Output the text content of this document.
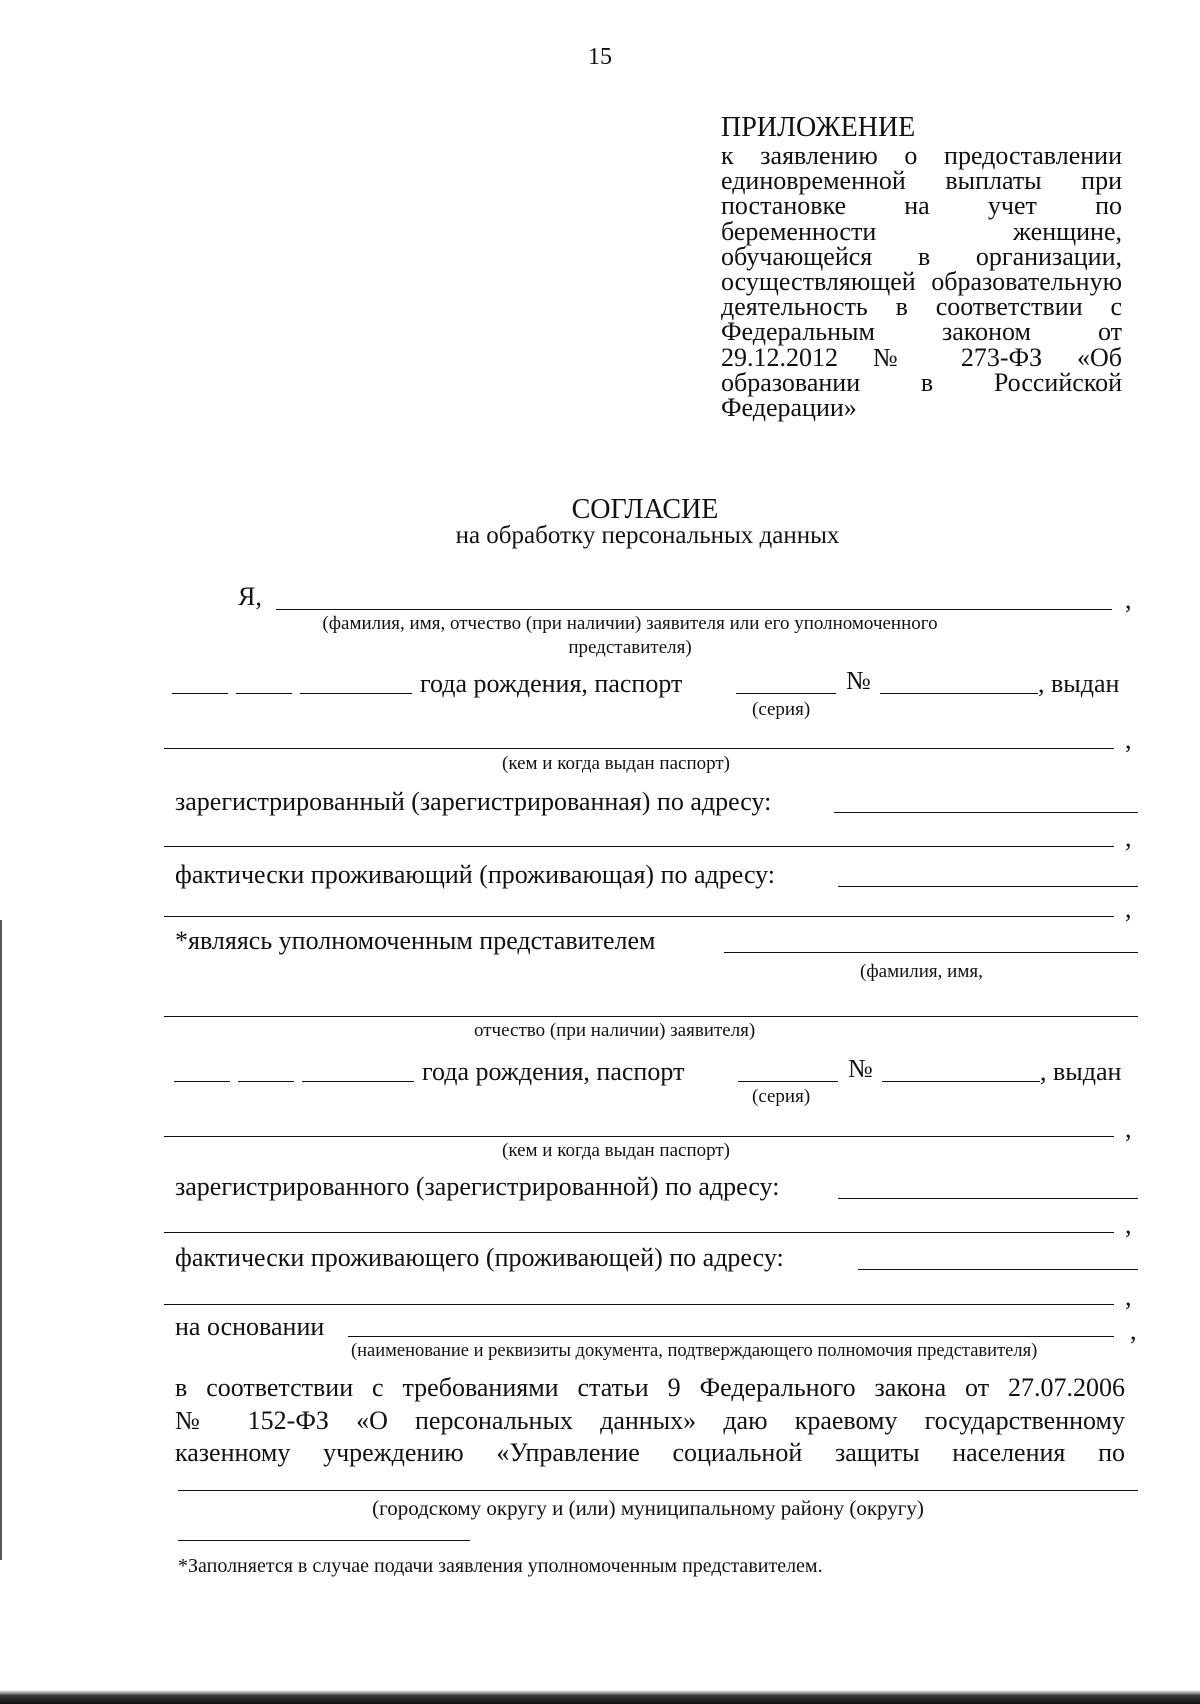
15
ПРИЛОЖЕНИЕ
к заявлению о предоставлении единовременной выплаты при постановке на учет по беременности женщине, обучающейся в организации, осуществляющей образовательную деятельность в соответствии с Федеральным законом от 29.12.2012 № 273-ФЗ «Об образовании в Российской Федерации»
СОГЛАСИЕ
на обработку персональных данных
Я,	,
(фамилия, имя, отчество (при наличии) заявителя или его уполномоченного
представителя)
года рождения, паспорт	№	, выдан
(серия)
,
(кем и когда выдан паспорт)
зарегистрированный (зарегистрированная) по адресу:
,
фактически проживающий (проживающая) по адресу:
,
*являясь уполномоченным представителем
(фамилия, имя,
отчество (при наличии) заявителя)
года рождения, паспорт	№	, выдан
(серия)
,
(кем и когда выдан паспорт)
зарегистрированного (зарегистрированной) по адресу:
,
фактически проживающего (проживающей) по адресу:
,
на основании	,
(наименование и реквизиты документа, подтверждающего полномочия представителя)
в соответствии с требованиями статьи 9 Федерального закона от 27.07.2006
№ 152-ФЗ «О персональных данных» даю краевому государственному
казенному учреждению «Управление социальной защиты населения по
(городскому округу и (или) муниципальному району (округу)
*Заполняется в случае подачи заявления уполномоченным представителем.
